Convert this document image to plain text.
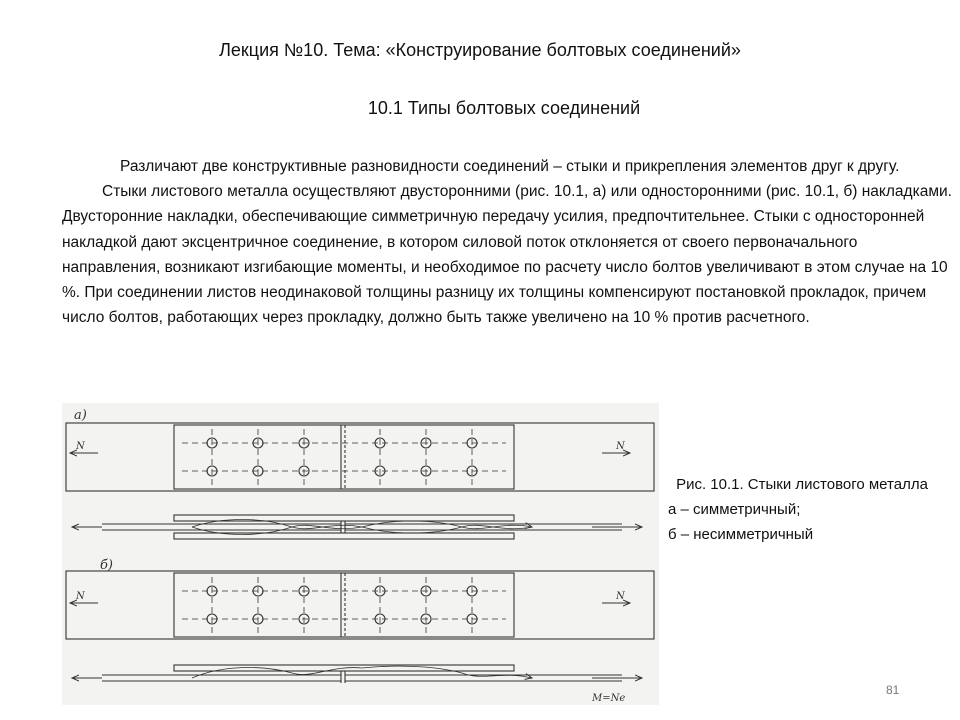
Лекция №10. Тема: «Конструирование болтовых соединений»
10.1 Типы болтовых соединений

Различают две конструктивные разновидности соединений – стыки и прикрепления элементов друг к другу.

Стыки листового металла осуществляют двусторонними (рис. 10.1, а) или односторонними (рис. 10.1, б) накладками. Двусторонние накладки, обеспечивающие симметричную передачу усилия, предпочтительнее. Стыки с односторонней накладкой дают эксцентричное соединение, в котором силовой поток отклоняется от своего первоначального направления, возникают изгибающие моменты, и необходимое по расчету число болтов увеличивают в этом случае на 10 %. При соединении листов неодинаковой толщины разницу их толщины компенсируют постановкой прокладок, причем число болтов, работающих через прокладку, должно быть также увеличено на 10 % против расчетного.

а)
N	N
б)
N	N
M=Ne
Рис. 10.1. Стыки листового металла
а – симметричный;
б – несимметричный
81
